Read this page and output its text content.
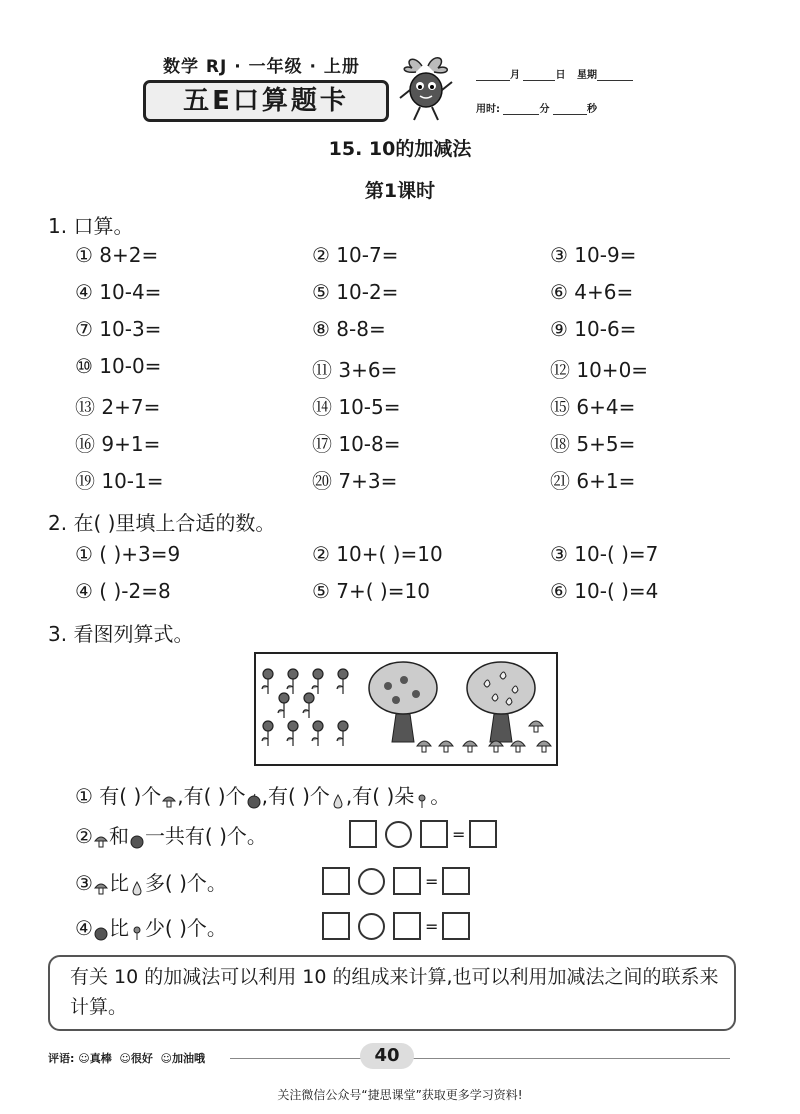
数学 RJ · 一年级 · 上册
五E口算题卡
月	日 星期
用时:	分	秒
15. 10的加减法
第1课时
1. 口算。
① 8+2=	② 10-7=	③ 10-9=
④ 10-4=	⑤ 10-2=	⑥ 4+6=
⑦ 10-3=	⑧ 8-8=	⑨ 10-6=
⑩ 10-0=	⑪ 3+6=	⑫ 10+0=
⑬ 2+7=	⑭ 10-5=	⑮ 6+4=
⑯ 9+1=	⑰ 10-8=	⑱ 5+5=
⑲ 10-1=	⑳ 7+3=	㉑ 6+1=
① ( )+3=9	② 10+( )=10	③ 10-( )=7
④ ( )-2=8	⑤ 7+( )=10	⑥ 10-( )=4
2. 在( )里填上合适的数。
3. 看图列算式。
① 有( )个 ,有( )个 ,有( )个 ,有( )朵 。
② 和 一共有( )个。	=
③ 比 多( )个。	=
④ 比 少( )个。	=
有关 10 的加减法可以利用 10 的组成来计算,也可以利用加减法之间的联系来计算。
评语: ☺真棒 ☺很好 ☺加油哦	40
关注微信公众号“捷思课堂”获取更多学习资料!
